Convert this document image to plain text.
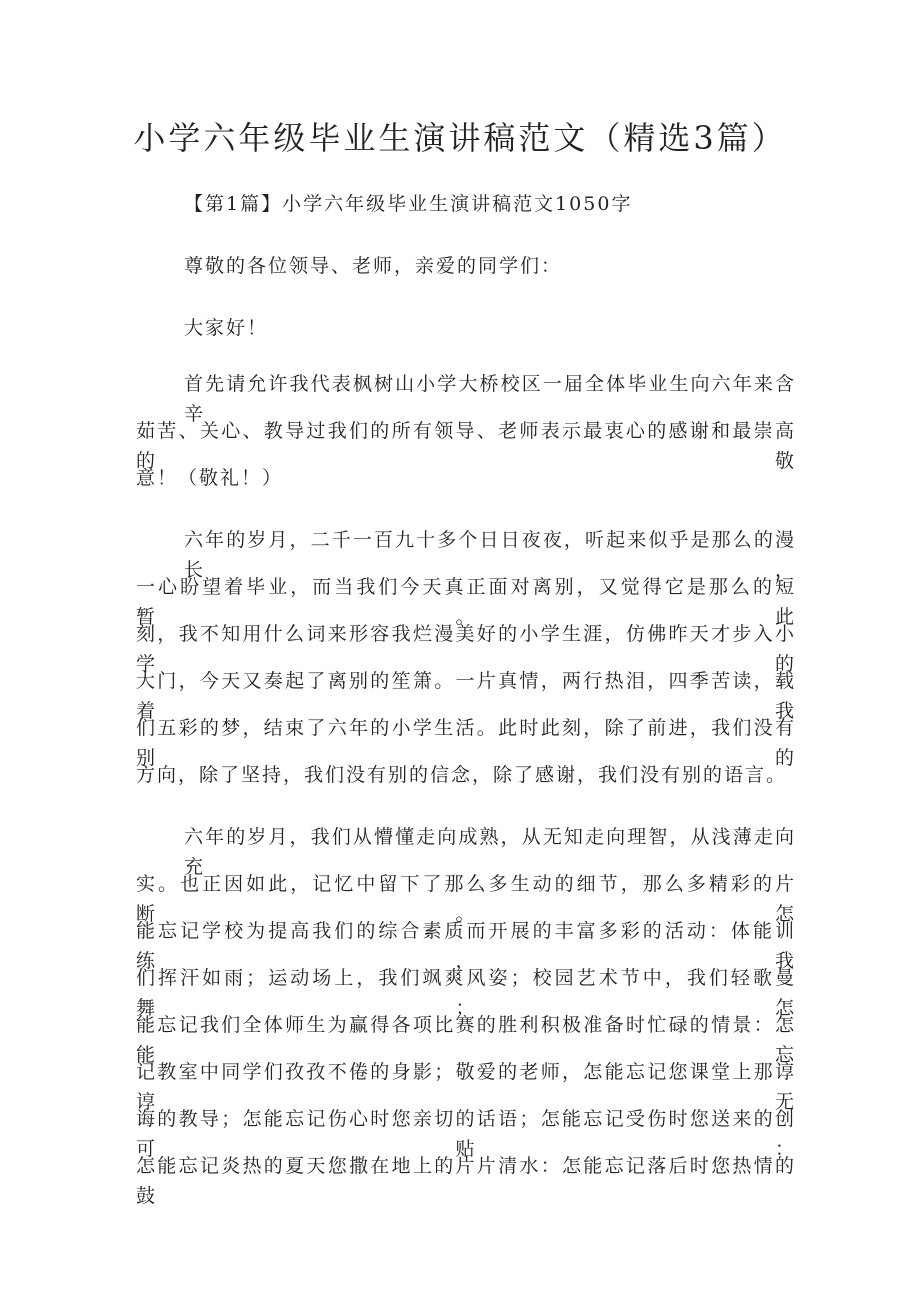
小学六年级毕业生演讲稿范文（精选3篇）

【第1篇】小学六年级毕业生演讲稿范文1050字

尊敬的各位领导、老师，亲爱的同学们：

大家好！

首先请允许我代表枫树山小学大桥校区一届全体毕业生向六年来含辛

茹苦、关心、教导过我们的所有领导、老师表示最衷心的感谢和最崇高的敬

意！（敬礼！）

六年的岁月，二千一百九十多个日日夜夜，听起来似乎是那么的漫长，

一心盼望着毕业，而当我们今天真正面对离别，又觉得它是那么的短暂。此

刻，我不知用什么词来形容我烂漫美好的小学生涯，仿佛昨天才步入小学的

大门，今天又奏起了离别的笙箫。一片真情，两行热泪，四季苦读，载着我

们五彩的梦，结束了六年的小学生活。此时此刻，除了前进，我们没有别的

方向，除了坚持，我们没有别的信念，除了感谢，我们没有别的语言。

六年的岁月，我们从懵懂走向成熟，从无知走向理智，从浅薄走向充

实。也正因如此，记忆中留下了那么多生动的细节，那么多精彩的片断。怎

能忘记学校为提高我们的综合素质而开展的丰富多彩的活动：体能训练，我

们挥汗如雨；运动场上，我们飒爽风姿；校园艺术节中，我们轻歌曼舞；怎

能忘记我们全体师生为赢得各项比赛的胜利积极准备时忙碌的情景：怎能忘

记教室中同学们孜孜不倦的身影；敬爱的老师，怎能忘记您课堂上那谆谆无

诲的教导；怎能忘记伤心时您亲切的话语；怎能忘记受伤时您送来的创可贴：

怎能忘记炎热的夏天您撒在地上的片片清水：怎能忘记落后时您热情的鼓
